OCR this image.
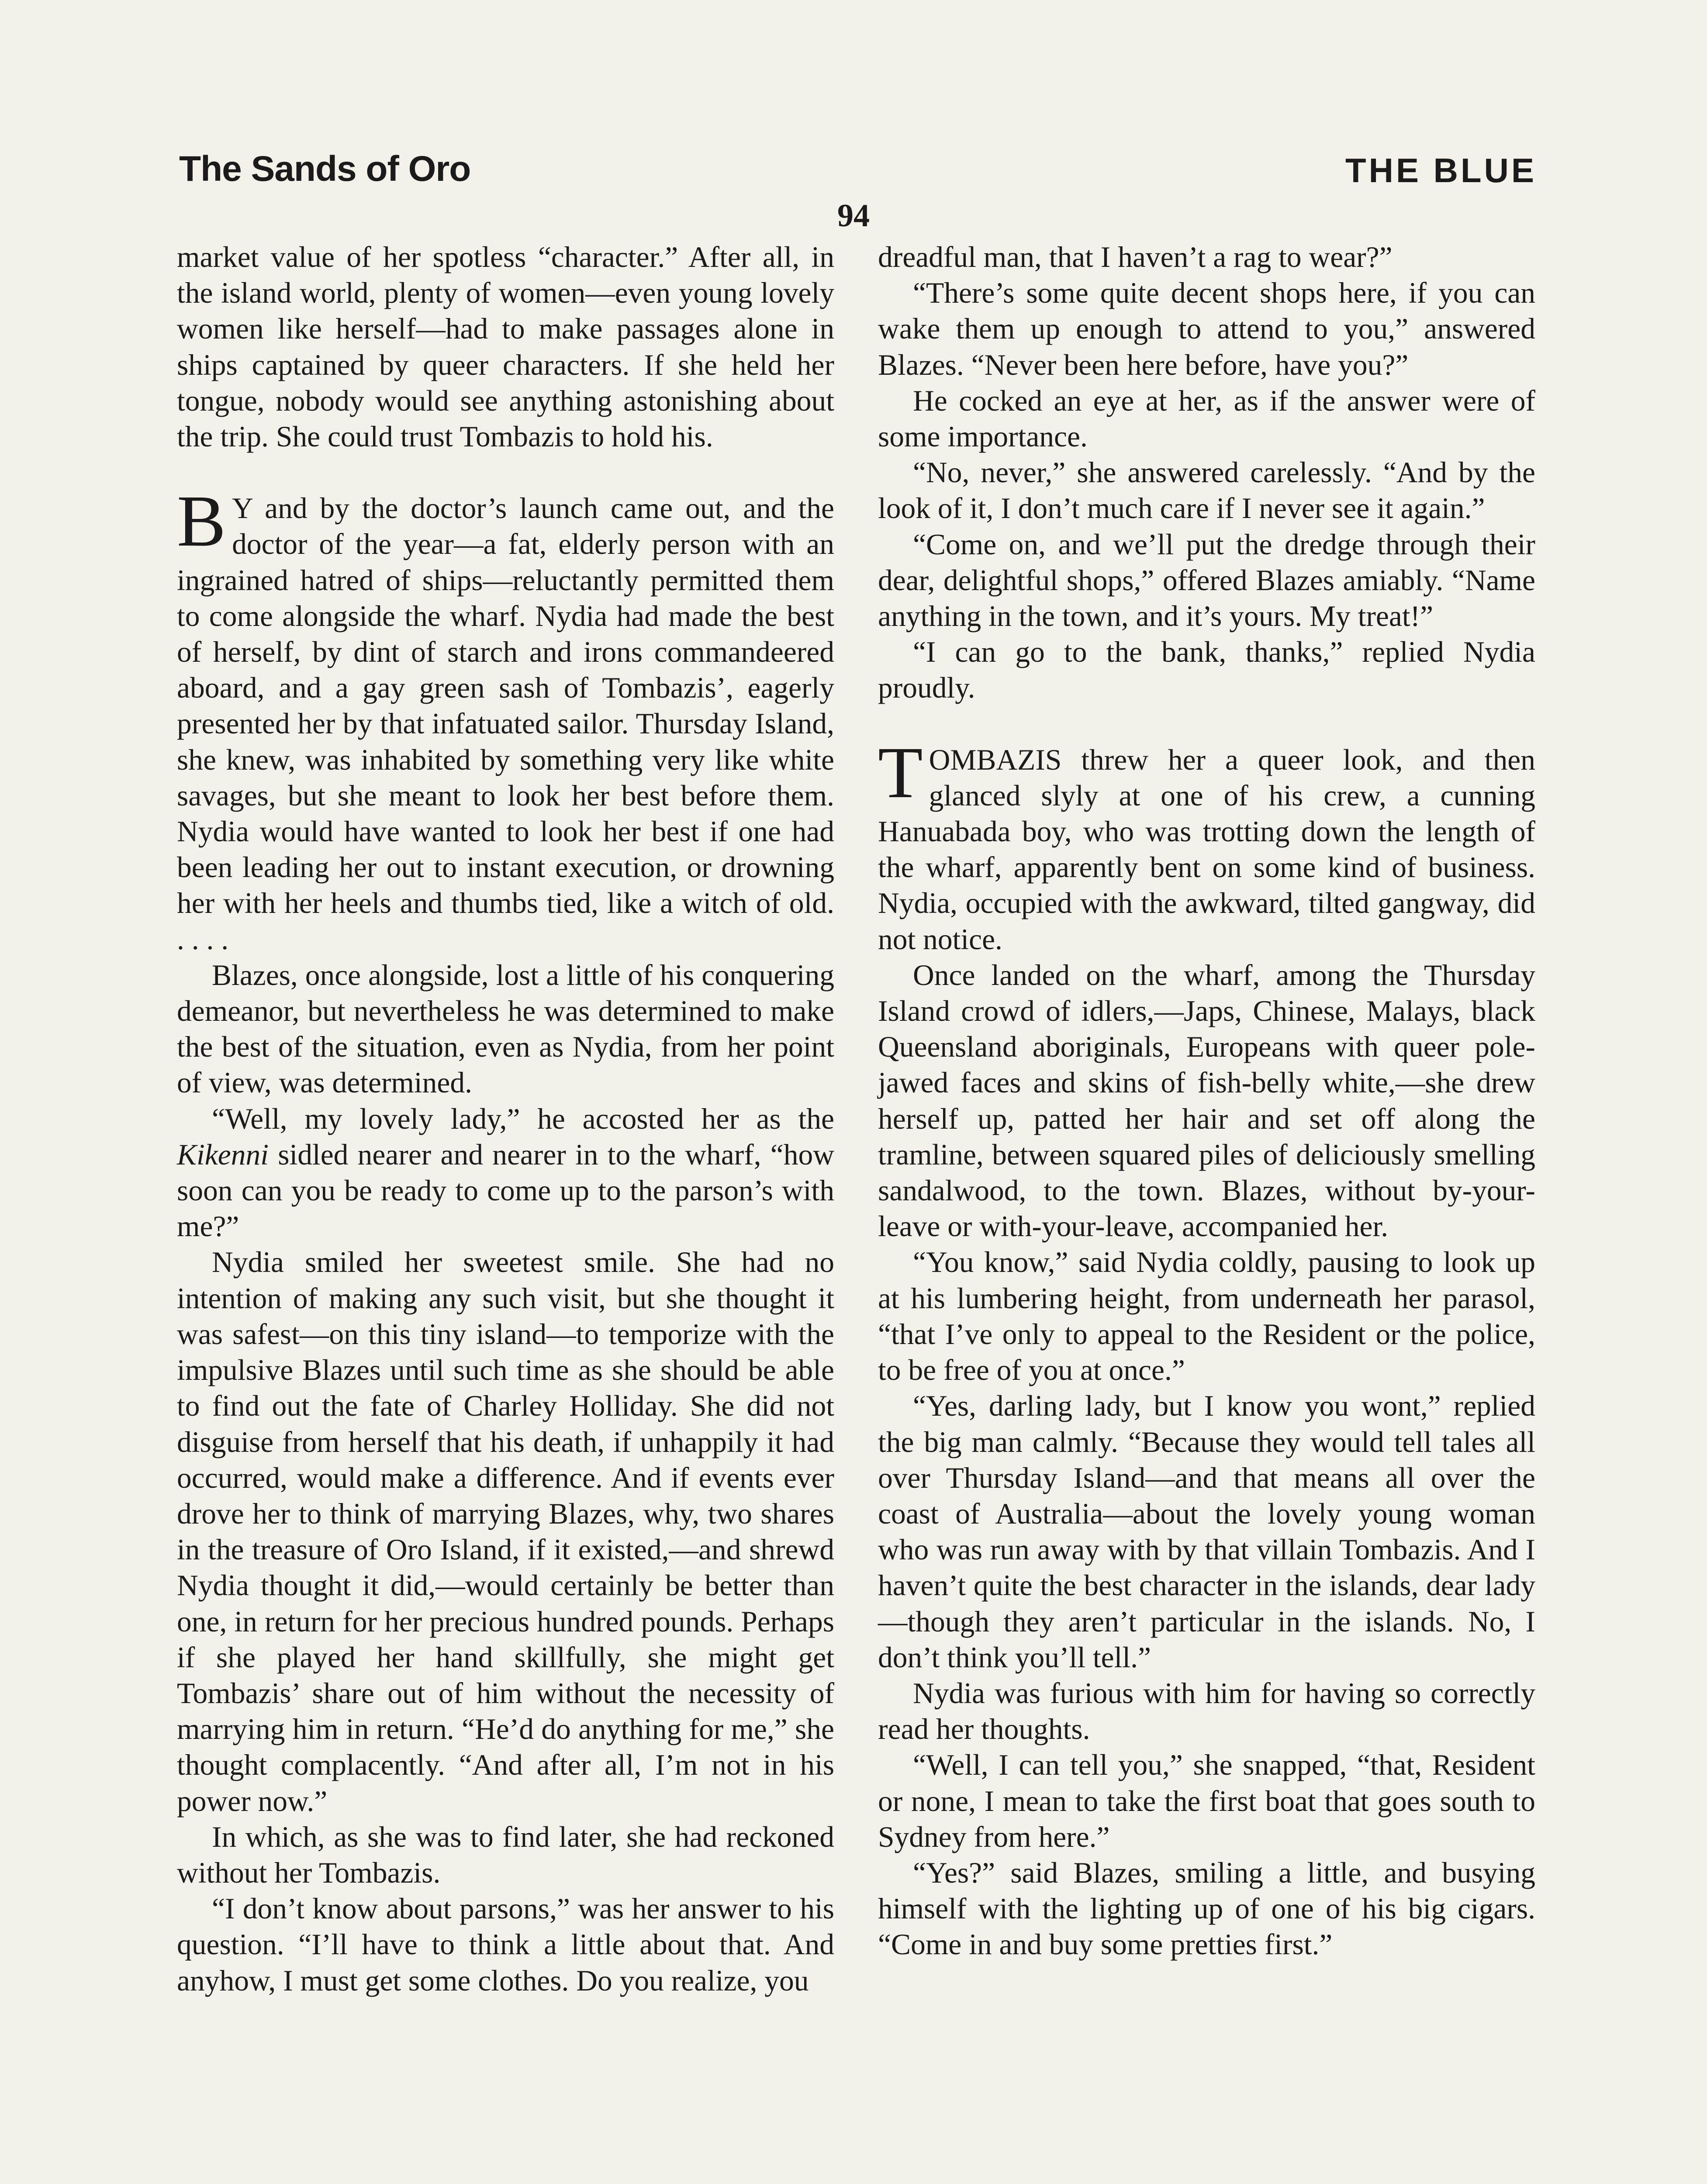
The Sands of Oro	THE BLUE
94

market value of her spotless “character.” After all, in the island world, plenty of women—even young lovely women like herself—had to make passages alone in ships captained by queer characters. If she held her tongue, nobody would see anything astonishing about the trip. She could trust Tombazis to hold his.

B Y and by the doctor’s launch came out, and the doctor of the year—a fat, elderly person with an ingrained hatred of ships—reluctantly permitted them to come alongside the wharf. Nydia had made the best of herself, by dint of starch and irons commandeered aboard, and a gay green sash of Tombazis’, eagerly presented her by that infatuated sailor. Thursday Island, she knew, was inhabited by something very like white savages, but she meant to look her best before them. Nydia would have wanted to look her best if one had been leading her out to instant execution, or drowning her with her heels and thumbs tied, like a witch of old. . . . .

Blazes, once alongside, lost a little of his conquering demeanor, but nevertheless he was determined to make the best of the situation, even as Nydia, from her point of view, was determined.

“Well, my lovely lady,” he accosted her as the Kikenni sidled nearer and nearer in to the wharf, “how soon can you be ready to come up to the parson’s with me?”

Nydia smiled her sweetest smile. She had no intention of making any such visit, but she thought it was safest—on this tiny island—to temporize with the impulsive Blazes until such time as she should be able to find out the fate of Charley Holliday. She did not disguise from herself that his death, if unhappily it had occurred, would make a difference. And if events ever drove her to think of marrying Blazes, why, two shares in the treasure of Oro Island, if it existed,—and shrewd Nydia thought it did,—would certainly be better than one, in return for her precious hundred pounds. Perhaps if she played her hand skillfully, she might get Tombazis’ share out of him without the necessity of marrying him in return. “He’d do anything for me,” she thought complacently. “And after all, I’m not in his power now.”

In which, as she was to find later, she had reckoned without her Tombazis.

“I don’t know about parsons,” was her answer to his question. “I’ll have to think a little about that. And anyhow, I must get some clothes. Do you realize, you

dreadful man, that I haven’t a rag to wear?”

“There’s some quite decent shops here, if you can wake them up enough to attend to you,” answered Blazes. “Never been here before, have you?”

He cocked an eye at her, as if the answer were of some importance.

“No, never,” she answered carelessly. “And by the look of it, I don’t much care if I never see it again.”

“Come on, and we’ll put the dredge through their dear, delightful shops,” offered Blazes amiably. “Name anything in the town, and it’s yours. My treat!”

“I can go to the bank, thanks,” replied Nydia proudly.

TOMBAZIS threw her a queer look, and then glanced slyly at one of his crew, a cunning Hanuabada boy, who was trotting down the length of the wharf, apparently bent on some kind of business. Nydia, occupied with the awkward, tilted gangway, did not notice.

Once landed on the wharf, among the Thursday Island crowd of idlers,—Japs, Chinese, Malays, black Queensland aboriginals, Europeans with queer pole-jawed faces and skins of fish-belly white,—she drew herself up, patted her hair and set off along the tramline, between squared piles of deliciously smelling sandalwood, to the town. Blazes, without by-your-leave or with-your-leave, accompanied her.

“You know,” said Nydia coldly, pausing to look up at his lumbering height, from underneath her parasol, “that I’ve only to appeal to the Resident or the police, to be free of you at once.”

“Yes, darling lady, but I know you wont,” replied the big man calmly. “Because they would tell tales all over Thursday Island—and that means all over the coast of Australia—about the lovely young woman who was run away with by that villain Tombazis. And I haven’t quite the best character in the islands, dear lady—though they aren’t particular in the islands. No, I don’t think you’ll tell.”

Nydia was furious with him for having so correctly read her thoughts.

“Well, I can tell you,” she snapped, “that, Resident or none, I mean to take the first boat that goes south to Sydney from here.”

“Yes?” said Blazes, smiling a little, and busying himself with the lighting up of one of his big cigars. “Come in and buy some pretties first.”
